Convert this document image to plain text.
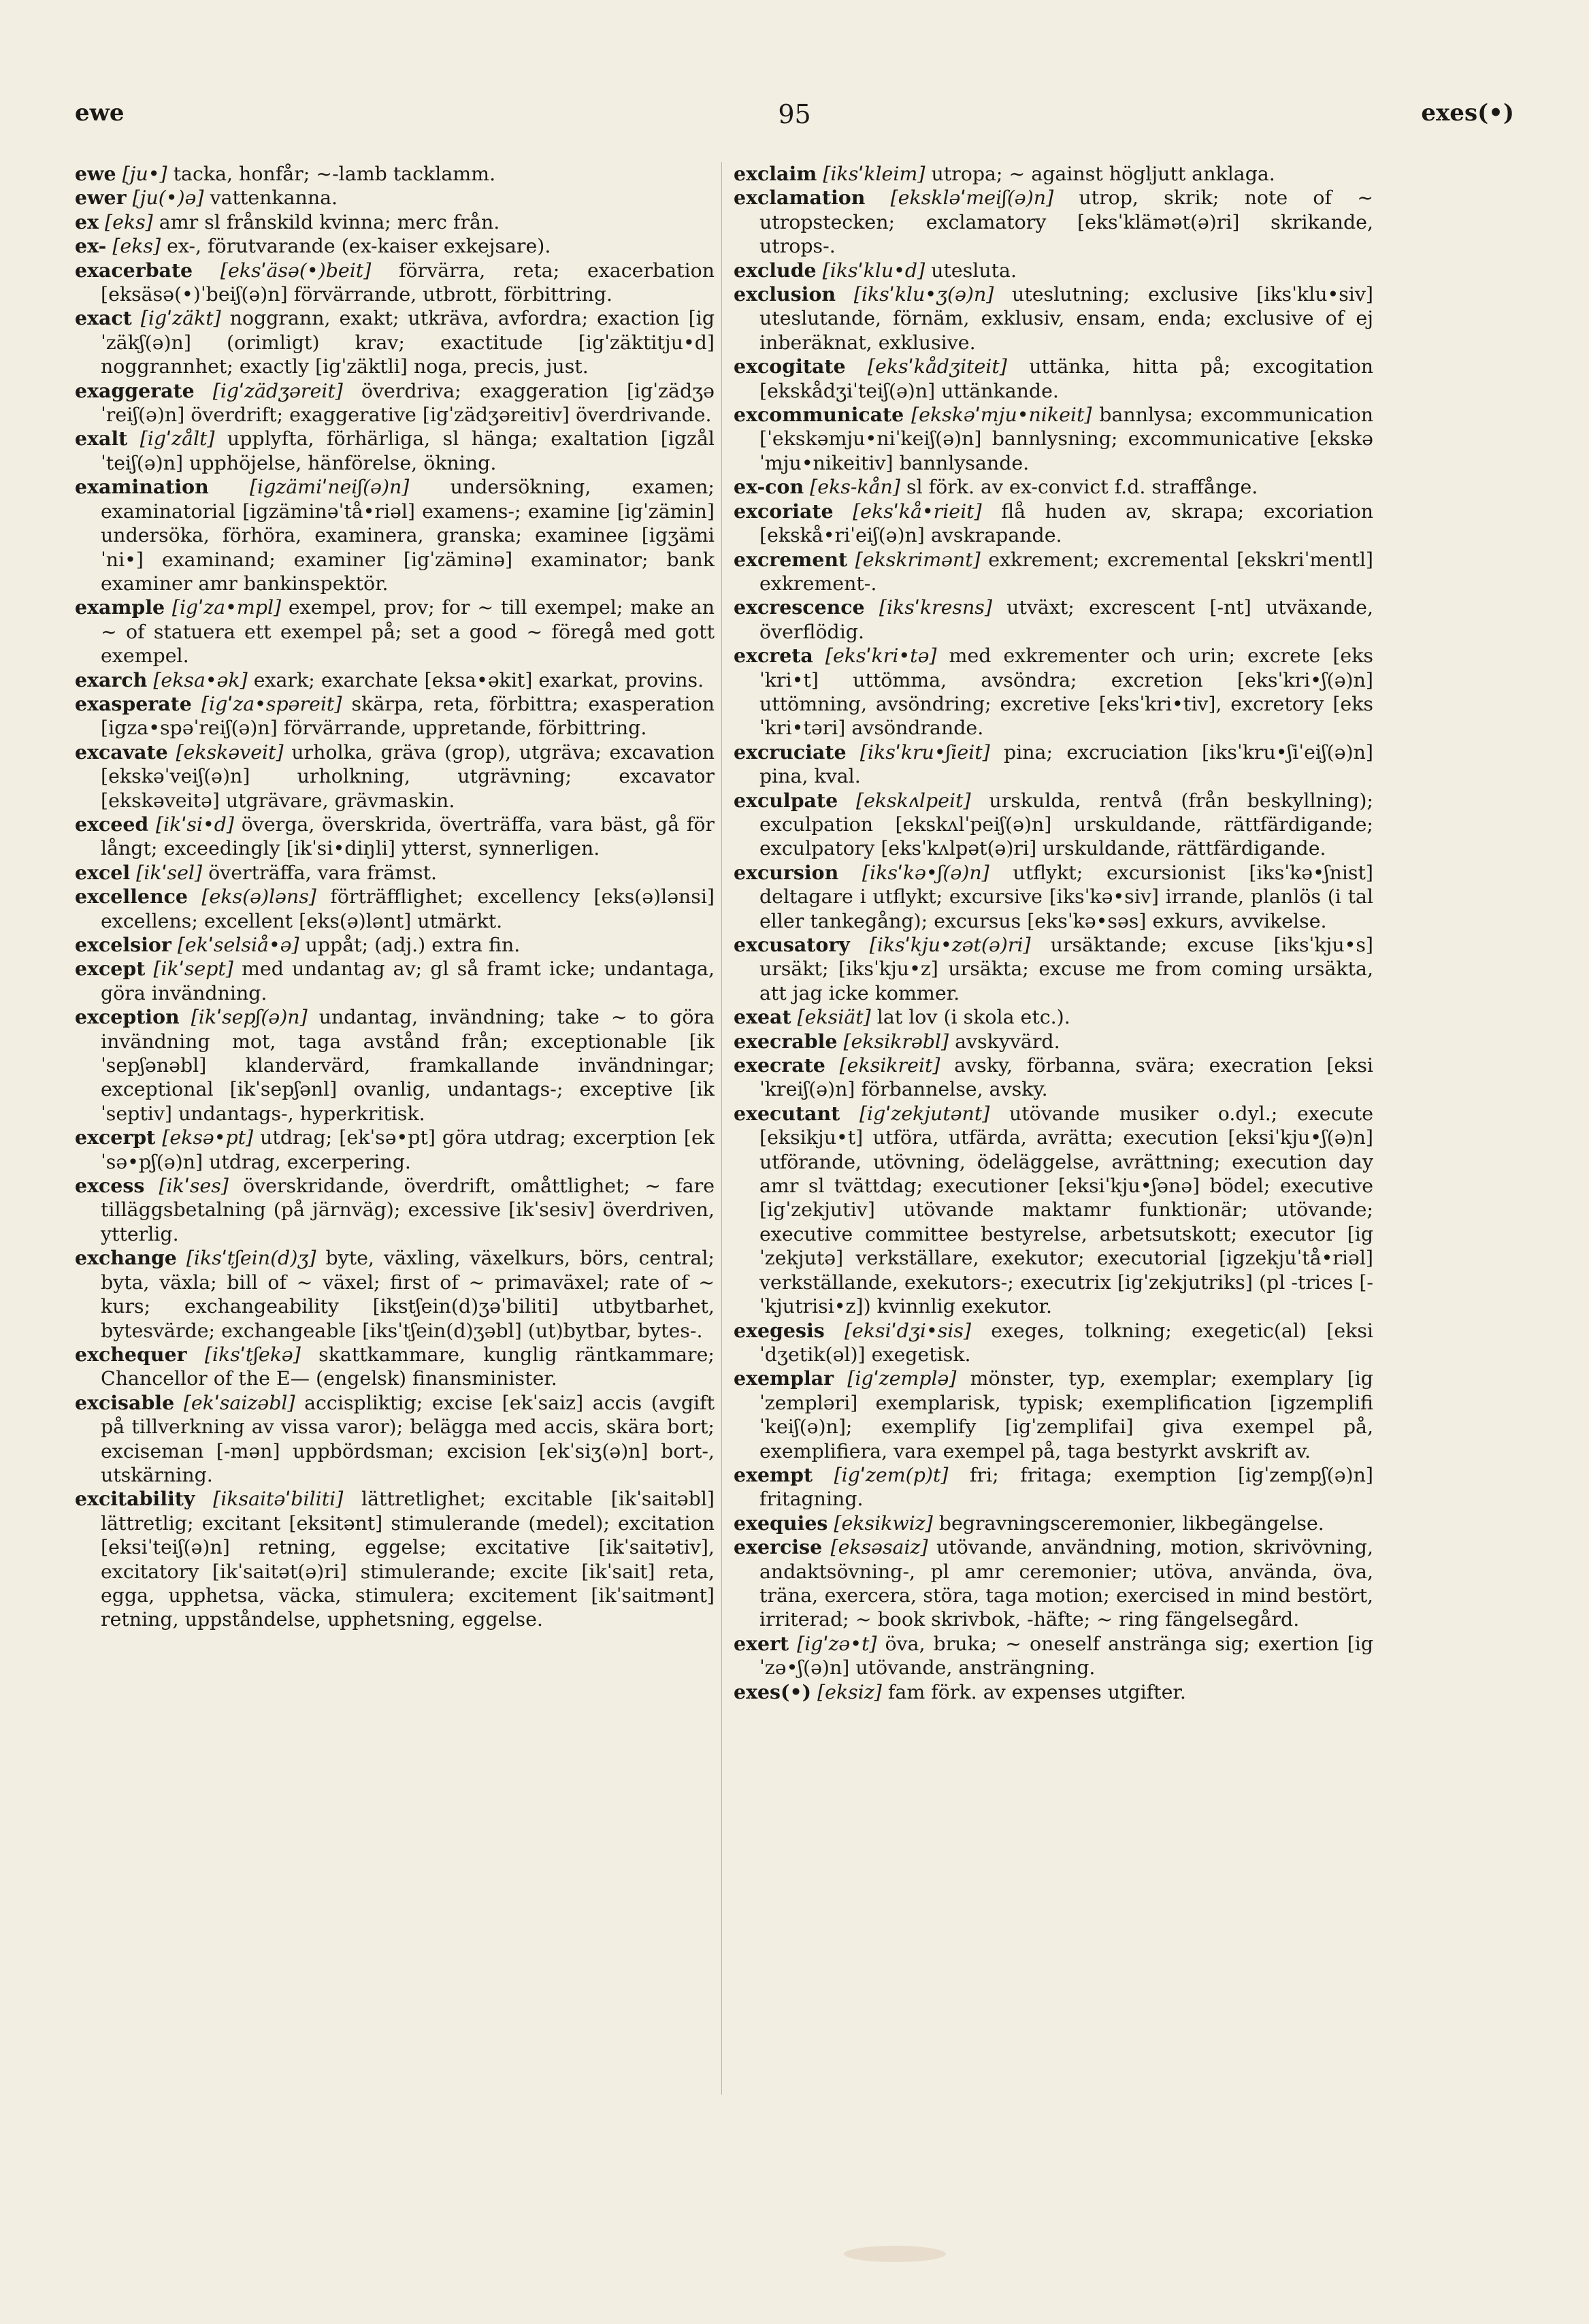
ewe	95	exes(•)

ewe [ju•] tacka, honfår; ~-lamb tacklamm.

ewer [ju(•)ə] vattenkanna.

ex [eks] amr sl frånskild kvinna; merc från.

ex- [eks] ex-, förutvarande (ex-kaiser exkejsare).

exacerbate [eksˈäsə(•)beit] förvärra, reta; exacerbation [eksäsə(•)ˈbeiʃ(ə)n] förvärrande, utbrott, förbittring.

exact [igˈzäkt] noggrann, exakt; utkräva, avfordra; exaction [igˈzäkʃ(ə)n] (orimligt) krav; exactitude [igˈzäktitju•d] noggrannhet; exactly [igˈzäktli] noga, precis, just.

exaggerate [igˈzädʒəreit] överdriva; exaggeration [igˈzädʒəˈreiʃ(ə)n] överdrift; exaggerative [igˈzädʒəreitiv] överdrivande.

exalt [igˈzålt] upplyfta, förhärliga, sl hänga; exaltation [igzålˈteiʃ(ə)n] upphöjelse, hänförelse, ökning.

examination [igzämiˈneiʃ(ə)n] undersökning, examen; examinatorial [igzäminəˈtå•riəl] examens-; examine [igˈzämin] undersöka, förhöra, examinera, granska; examinee [igʒämiˈni•] examinand; examiner [igˈzäminə] examinator; bank examiner amr bankinspektör.

example [igˈza•mpl] exempel, prov; for ~ till exempel; make an ~ of statuera ett exempel på; set a good ~ föregå med gott exempel.

exarch [eksa•ək] exark; exarchate [eksa•əkit] exarkat, provins.

exasperate [igˈza•spəreit] skärpa, reta, förbittra; exasperation [igza•spəˈreiʃ(ə)n] förvärrande, uppretande, förbittring.

excavate [ekskəveit] urholka, gräva (grop), utgräva; excavation [ekskəˈveiʃ(ə)n] urholkning, utgrävning; excavator [ekskəveitə] utgrävare, grävmaskin.

exceed [ikˈsi•d] överga, överskrida, överträffa, vara bäst, gå för långt; exceedingly [ikˈsi•diŋli] ytterst, synnerligen.

excel [ikˈsel] överträffa, vara främst.

excellence [eks(ə)ləns] förträfflighet; excellency [eks(ə)lənsi] excellens; excellent [eks(ə)lənt] utmärkt.

excelsior [ekˈselsiå•ə] uppåt; (adj.) extra fin.

except [ikˈsept] med undantag av; gl så framt icke; undantaga, göra invändning.

exception [ikˈsepʃ(ə)n] undantag, invändning; take ~ to göra invändning mot, taga avstånd från; exceptionable [ikˈsepʃənəbl] klandervärd, framkallande invändningar; exceptional [ikˈsepʃənl] ovanlig, undantags-; exceptive [ikˈseptiv] undantags-, hyperkritisk.

excerpt [eksə•pt] utdrag; [ekˈsə•pt] göra utdrag; excerption [ekˈsə•pʃ(ə)n] utdrag, excerpering.

excess [ikˈses] överskridande, överdrift, omåttlighet; ~ fare tilläggsbetalning (på järnväg); excessive [ikˈsesiv] överdriven, ytterlig.

exchange [iksˈtʃein(d)ʒ] byte, växling, växelkurs, börs, central; byta, växla; bill of ~ växel; first of ~ primaväxel; rate of ~ kurs; exchangeability [ikstʃein(d)ʒəˈbiliti] utbytbarhet, bytesvärde; exchangeable [iksˈtʃein(d)ʒəbl] (ut)bytbar, bytes-.

exchequer [iksˈtʃekə] skattkammare, kunglig räntkammare; Chancellor of the E— (engelsk) finansminister.

excisable [ekˈsaizəbl] accispliktig; excise [ekˈsaiz] accis (avgift på tillverkning av vissa varor); belägga med accis, skära bort; exciseman [-mən] uppbördsman; excision [ekˈsiʒ(ə)n] bort-, utskärning.

excitability [iksaitəˈbiliti] lättretlighet; excitable [ikˈsaitəbl] lättretlig; excitant [eksitənt] stimulerande (medel); excitation [eksiˈteiʃ(ə)n] retning, eggelse; excitative [ikˈsaitətiv], excitatory [ikˈsaitət(ə)ri] stimulerande; excite [ikˈsait] reta, egga, upphetsa, väcka, stimulera; excitement [ikˈsaitmənt] retning, uppståndelse, upphetsning, eggelse.

exclaim [iksˈkleim] utropa; ~ against högljutt anklaga.

exclamation [eksklәˈmeiʃ(ə)n] utrop, skrik; note of ~ utropstecken; exclamatory [eksˈklämət(ə)ri] skrikande, utrops-.

exclude [iksˈklu•d] utesluta.

exclusion [iksˈklu•ʒ(ə)n] uteslutning; exclusive [iksˈklu•siv] uteslutande, förnäm, exklusiv, ensam, enda; exclusive of ej inberäknat, exklusive.

excogitate [eksˈkådʒiteit] uttänka, hitta på; excogitation [ekskådʒiˈteiʃ(ə)n] uttänkande.

excommunicate [ekskəˈmju•nikeit] bannlysa; excommunication [ˈekskəmju•niˈkeiʃ(ə)n] bannlysning; excommunicative [ekskəˈmju•nikeitiv] bannlysande.

ex-con [eks-kån] sl förk. av ex-convict f.d. straffånge.

excoriate [eksˈkå•rieit] flå huden av, skrapa; excoriation [ekskå•riˈeiʃ(ə)n] avskrapande.

excrement [ekskrimənt] exkrement; excremental [ekskriˈmentl] exkrement-.

excrescence [iksˈkresns] utväxt; excrescent [-nt] utväxande, överflödig.

excreta [eksˈkri•tə] med exkrementer och urin; excrete [eksˈkri•t] uttömma, avsöndra; excretion [eksˈkri•ʃ(ə)n] uttömning, avsöndring; excretive [eksˈkri•tiv], excretory [eksˈkri•təri] avsöndrande.

excruciate [iksˈkru•ʃieit] pina; excruciation [iksˈkru•ʃiˈeiʃ(ə)n] pina, kval.

exculpate [ekskʌlpeit] urskulda, rentvå (från beskyllning); exculpation [ekskʌlˈpeiʃ(ə)n] urskuldande, rättfärdigande; exculpatory [eksˈkʌlpət(ə)ri] urskuldande, rättfärdigande.

excursion [iksˈkə•ʃ(ə)n] utflykt; excursionist [iksˈkə•ʃnist] deltagare i utflykt; excursive [iksˈkə•siv] irrande, planlös (i tal eller tankegång); excursus [eksˈkə•səs] exkurs, avvikelse.

excusatory [iksˈkju•zət(ə)ri] ursäktande; excuse [iksˈkju•s] ursäkt; [iksˈkju•z] ursäkta; excuse me from coming ursäkta, att jag icke kommer.

exeat [eksiät] lat lov (i skola etc.).

execrable [eksikrəbl] avskyvärd.

execrate [eksikreit] avsky, förbanna, svära; execration [eksiˈkreiʃ(ə)n] förbannelse, avsky.

executant [igˈzekjutənt] utövande musiker o.dyl.; execute [eksikju•t] utföra, utfärda, avrätta; execution [eksiˈkju•ʃ(ə)n] utförande, utövning, ödeläggelse, avrättning; execution day amr sl tvättdag; executioner [eksiˈkju•ʃənə] bödel; executive [igˈzekjutiv] utövande maktamr funktionär; utövande; executive committee bestyrelse, arbetsutskott; executor [igˈzekjutə] verkställare, exekutor; executorial [igzekjuˈtå•riəl] verkställande, exekutors-; executrix [igˈzekjutriks] (pl -trices [-ˈkjutrisi•z]) kvinnlig exekutor.

exegesis [eksiˈdʒi•sis] exeges, tolkning; exegetic(al) [eksiˈdʒetik(əl)] exegetisk.

exemplar [igˈzemplə] mönster, typ, exemplar; exemplary [igˈzempləri] exemplarisk, typisk; exemplification [igzemplifiˈkeiʃ(ə)n]; exemplify [igˈzemplifai] giva exempel på, exemplifiera, vara exempel på, taga bestyrkt avskrift av.

exempt [igˈzem(p)t] fri; fritaga; exemption [igˈzempʃ(ə)n] fritagning.

exequies [eksikwiz] begravningsceremonier, likbegängelse.

exercise [eksəsaiz] utövande, användning, motion, skrivövning, andaktsövning-, pl amr ceremonier; utöva, använda, öva, träna, exercera, störa, taga motion; exercised in mind bestört, irriterad; ~ book skrivbok, -häfte; ~ ring fängelsegård.

exert [igˈzə•t] öva, bruka; ~ oneself anstränga sig; exertion [igˈzə•ʃ(ə)n] utövande, ansträngning.

exes(•) [eksiz] fam förk. av expenses utgifter.
